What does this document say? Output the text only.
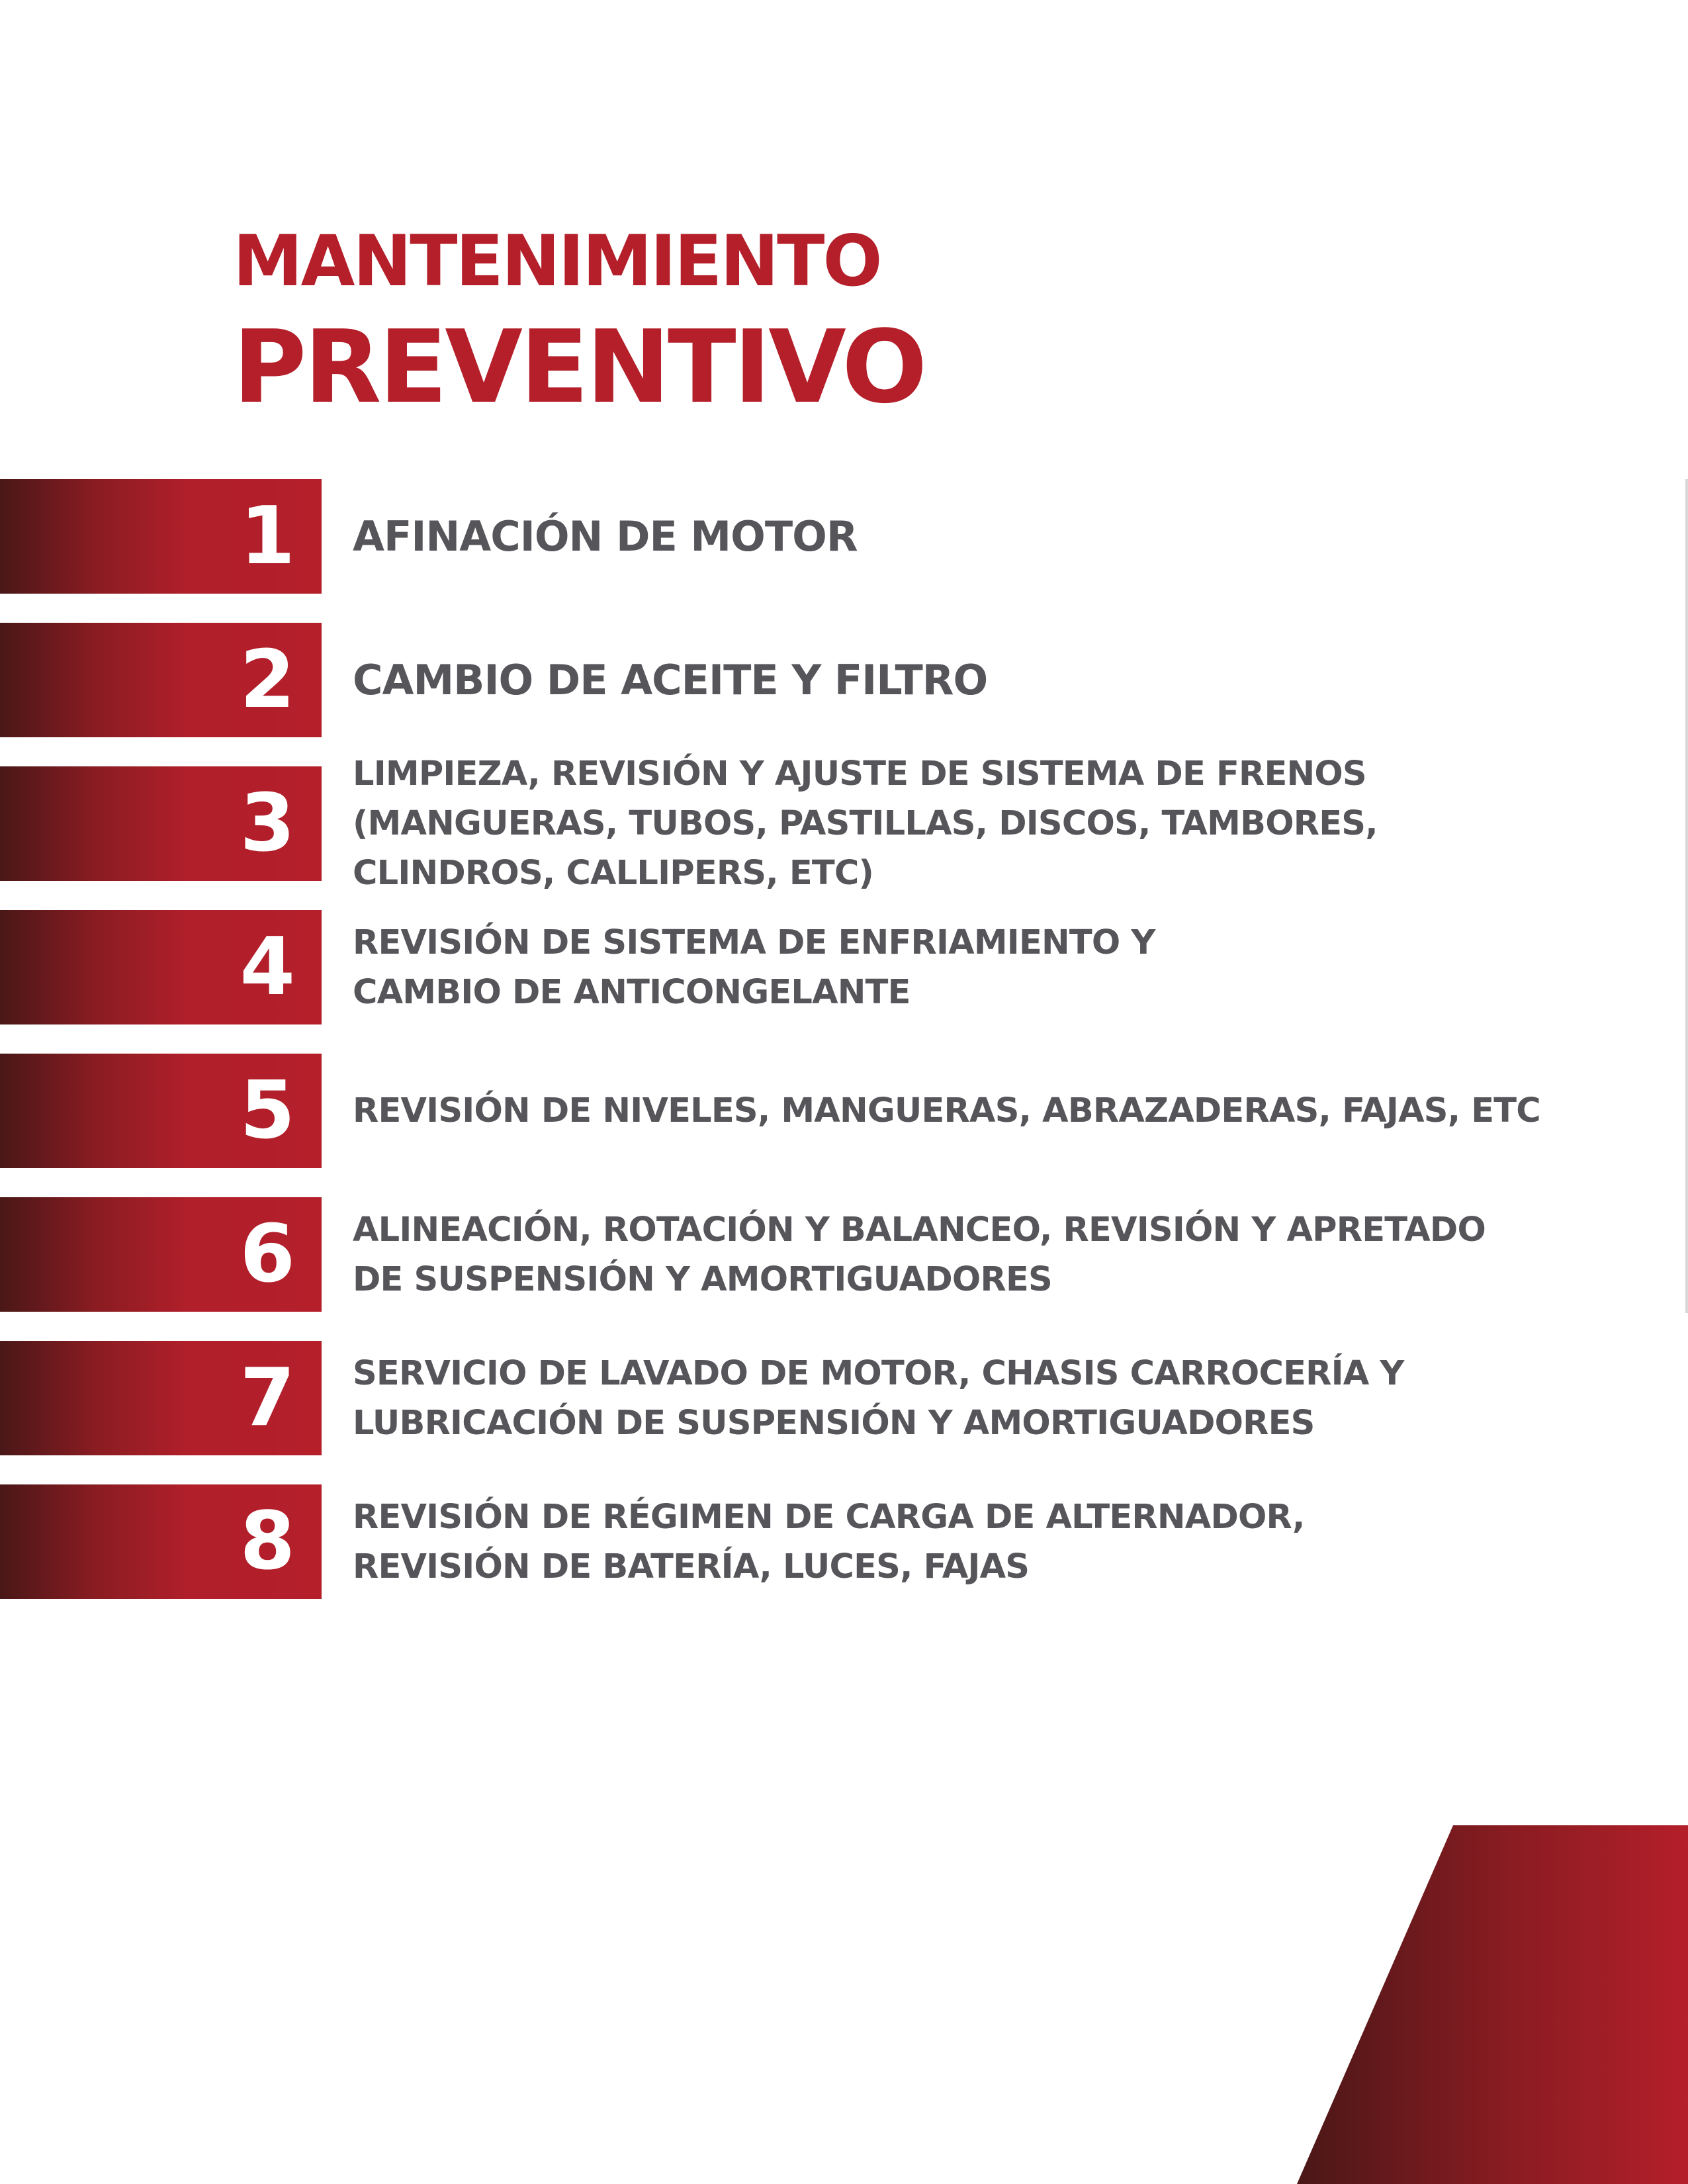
MANTENIMIENTO
PREVENTIVO
1 AFINACIÓN DE MOTOR
2 CAMBIO DE ACEITE Y FILTRO
3
LIMPIEZA, REVISIÓN Y AJUSTE DE SISTEMA DE FRENOS (MANGUERAS, TUBOS, PASTILLAS, DISCOS, TAMBORES, CLINDROS, CALLIPERS, ETC)
4 REVISIÓN DE SISTEMA DE ENFRIAMIENTO Y CAMBIO DE ANTICONGELANTE
5 REVISIÓN DE NIVELES, MANGUERAS, ABRAZADERAS, FAJAS, ETC
6 ALINEACIÓN, ROTACIÓN Y BALANCEO, REVISIÓN Y APRETADO DE SUSPENSIÓN Y AMORTIGUADORES
7 SERVICIO DE LAVADO DE MOTOR, CHASIS CARROCERÍA Y LUBRICACIÓN DE SUSPENSIÓN Y AMORTIGUADORES
8 REVISIÓN DE RÉGIMEN DE CARGA DE ALTERNADOR, REVISIÓN DE BATERÍA, LUCES, FAJAS
